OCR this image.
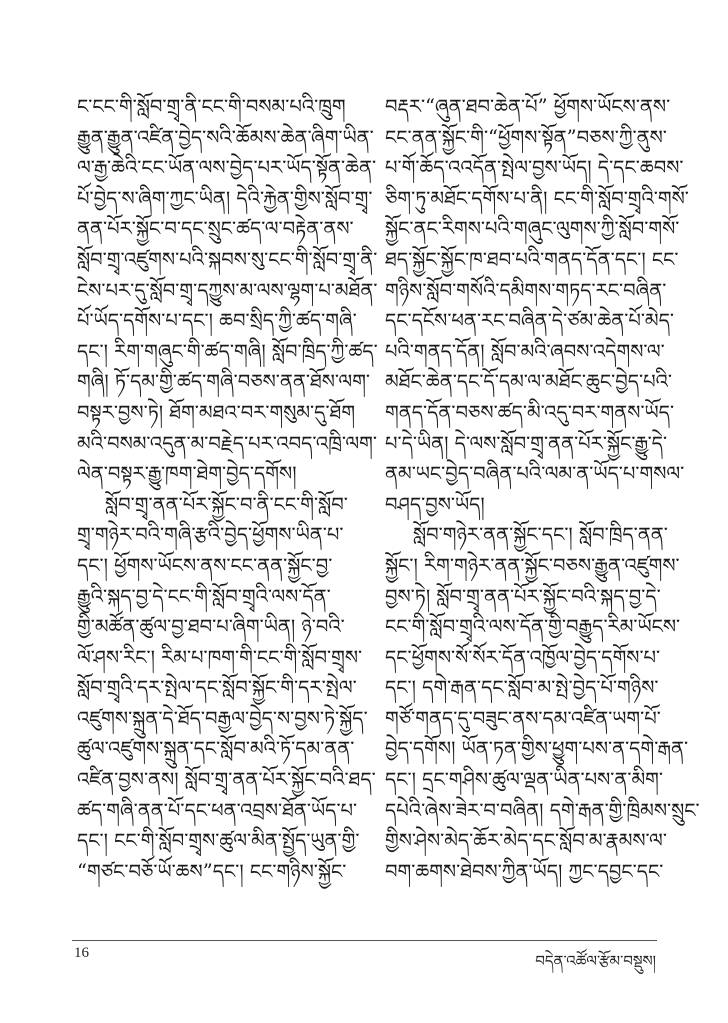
ང་ངང་གི་སློབ་གྲྭ་ནི་ངང་གི་བསམ་པའི་ཁྲུག
རྒྱུན་རྒྱུན་འཛིན་བྱེད་སའི་ཆོམས་ཆེན་ཞིག་ཡིན་
ལ་རྒྱ་ཆེའི་ངང་ཡོན་ལས་བྱེད་པར་ཡོད་སྟོན་ཆེན་
པོ་བྱེད་ས་ཞིག་ཀྱང་ཡིན། དེའི་རྐྱེན་གྱིས་སློབ་གྲྭ་
ནན་པོར་སྐྱོང་བ་དང་སྲུང་ཚད་ལ་བརྟེན་ནས་
སློབ་གྲྭ་འཛུགས་པའི་སྐབས་སུ་ངང་གི་སློབ་གྲྭ་ནི་
ངེས་པར་དུ་སློབ་གྲྭ་དཀྱུས་མ་ལས་ལྷག་པ་མཐོན་
པོ་ཡོད་དགོས་པ་དང་། ཆབ་སྲིད་ཀྱི་ཚད་གཞི་
དང་། རིག་གཞུང་གི་ཚད་གཞི། སློབ་ཁྲིད་ཀྱི་ཚད་
གཞི། ཏོ་དམ་གྱི་ཚད་གཞི་བཅས་ནན་ཐོས་ལག་
བསྟར་བྱས་ཏེ། ཐོག་མཐའ་བར་གསུམ་དུ་ཐོག
མའི་བསམ་འདུན་མ་བརྗེད་པར་འབད་འཁྲི་ལག་
ལེན་བསྟར་རྒྱུ་ཁག་ཐེག་བྱེད་དགོས།
སློབ་གྲྭ་ནན་པོར་སྐྱོང་བ་ནི་ངང་གི་སློབ་
གྲྭ་གཉེར་བའི་གཞི་རྩའི་བྱེད་ཕྱོགས་ཡིན་པ་
དང་། ཕྱོགས་ཡོངས་ནས་ངང་ནན་སྐྱོང་བྱ་
རྒྱུའི་སྐད་བྱ་དེ་ངང་གི་སློབ་གྲྭའི་ལས་དོན་
གྱི་མཚོན་ཚུལ་བྱ་ཐབ་པ་ཞིག་ཡིན། ཉེ་བའི་
ལོ་ཤས་རིང་། རིམ་པ་ཁག་གི་ངང་གི་སློབ་གྲྭས་
སློབ་གྲྭའི་དར་སྤེལ་དང་སློབ་སྐྱོང་གི་དར་སྤེལ་
འཛུགས་སྐྲུན་དེ་ཐོད་བརྒྱལ་བྱེད་ས་བྱས་ཏེ་སྐྱོད་
ཚུལ་འཛུགས་སྐྲུན་དང་སློབ་མའི་ཏོ་དམ་ནན་
འཛིན་བྱས་ནས། སློབ་གྲྭ་ནན་པོར་སྐྱོང་བའི་ཐད་
ཚད་གཞི་ནན་པོ་དང་ཕན་འབྲས་ཐོན་ཡོད་པ་
དང་། ངང་གི་སློབ་གྲྭས་ཚུལ་མིན་སྤྱོད་ཡུན་གྱི་
“གཙང་བཅོ་ཡོ་ཆས”དང་། ངང་གཉིས་སྐྱོང་
བརྡར་“ཞུན་ཐབ་ཆེན་པོ” ཕྱོགས་ཡོངས་ནས་
ངང་ནན་སྐྱོང་གི་“ཕྱོགས་སྟོན”བཅས་ཀྱི་ནུས་
པ་གོ་ཆོད་འའདོན་སྤེལ་བྱས་ཡོད། དེ་དང་ཆབས་
ཅིག་ཏུ་མཐོང་དགོས་པ་ནི། ངང་གི་སློབ་གྲྭའི་གསོ་
སྐྱོང་ནང་རིགས་པའི་གཞུང་ལུགས་ཀྱི་སློབ་གསོ་
ཐད་སྐྱོང་སྐྱོང་ཁ་ཐབ་པའི་གནད་དོན་དང་། ངང་
གཉིས་སློབ་གསོའི་དམིགས་གཏད་རང་བཞིན་
དང་དངོས་ཕན་རང་བཞིན་དེ་ཙམ་ཆེན་པོ་མེད་
པའི་གནད་དོན། སློབ་མའི་ཞབས་འདེགས་ལ་
མཐོང་ཆེན་དང་དོ་དམ་ལ་མཐོང་ཆུང་བྱེད་པའི་
གནད་དོན་བཅས་ཚད་མི་འདུ་བར་གནས་ཡོད་
པ་དེ་ཡིན། དེ་ལས་སློབ་གྲྭ་ནན་པོར་སྐྱོང་རྒྱུ་དེ་
ནམ་ཡང་བྱེད་བཞིན་པའི་ལམ་ན་ཡོད་པ་གསལ་
བཤད་བྱས་ཡོད།
སློབ་གཉེར་ནན་སྐྱོང་དང་། སློབ་ཁྲིད་ནན་
སྐྱོང་། རིག་གཉེར་ནན་སྐྱོང་བཅས་རྒྱུན་འཛུགས་
བྱས་ཏེ། སློབ་གྲྭ་ནན་པོར་སྐྱོང་བའི་སྐད་བྱ་དེ་
ངང་གི་སློབ་གྲྭའི་ལས་དོན་གྱི་བརྒྱུད་རིམ་ཡོངས་
དང་ཕྱོགས་སོ་སོར་དོན་འཁྱོལ་བྱེད་དགོས་པ་
དང་། དགེ་རྒན་དང་སློབ་མ་སྤེ་བྱེད་པོ་གཉིས་
གཙོ་གནད་དུ་བཟུང་ནས་དམ་འཛིན་ཡག་པོ་
བྱེད་དགོས། ཡོན་ཏན་གྱིས་ཕྱུག་པས་ན་དགེ་རྒན་
དང་། དྲང་གཤིས་ཚུལ་ལྡན་ཡིན་པས་ན་མིག་
དཔེའི་ཞེས་ཟེར་བ་བཞིན། དགེ་རྒན་གྱི་ཁྲིམས་སྲུང་
གྱིས་ཤེས་མེད་ཆོར་མེད་དང་སློབ་མ་རྣམས་ལ་
བག་ཆགས་ཐེབས་ཀྱིན་ཡོད། ཀྱང་དབྱང་དང་
16	བདེན་འཚོལ་རྩོམ་བསྡུས།
